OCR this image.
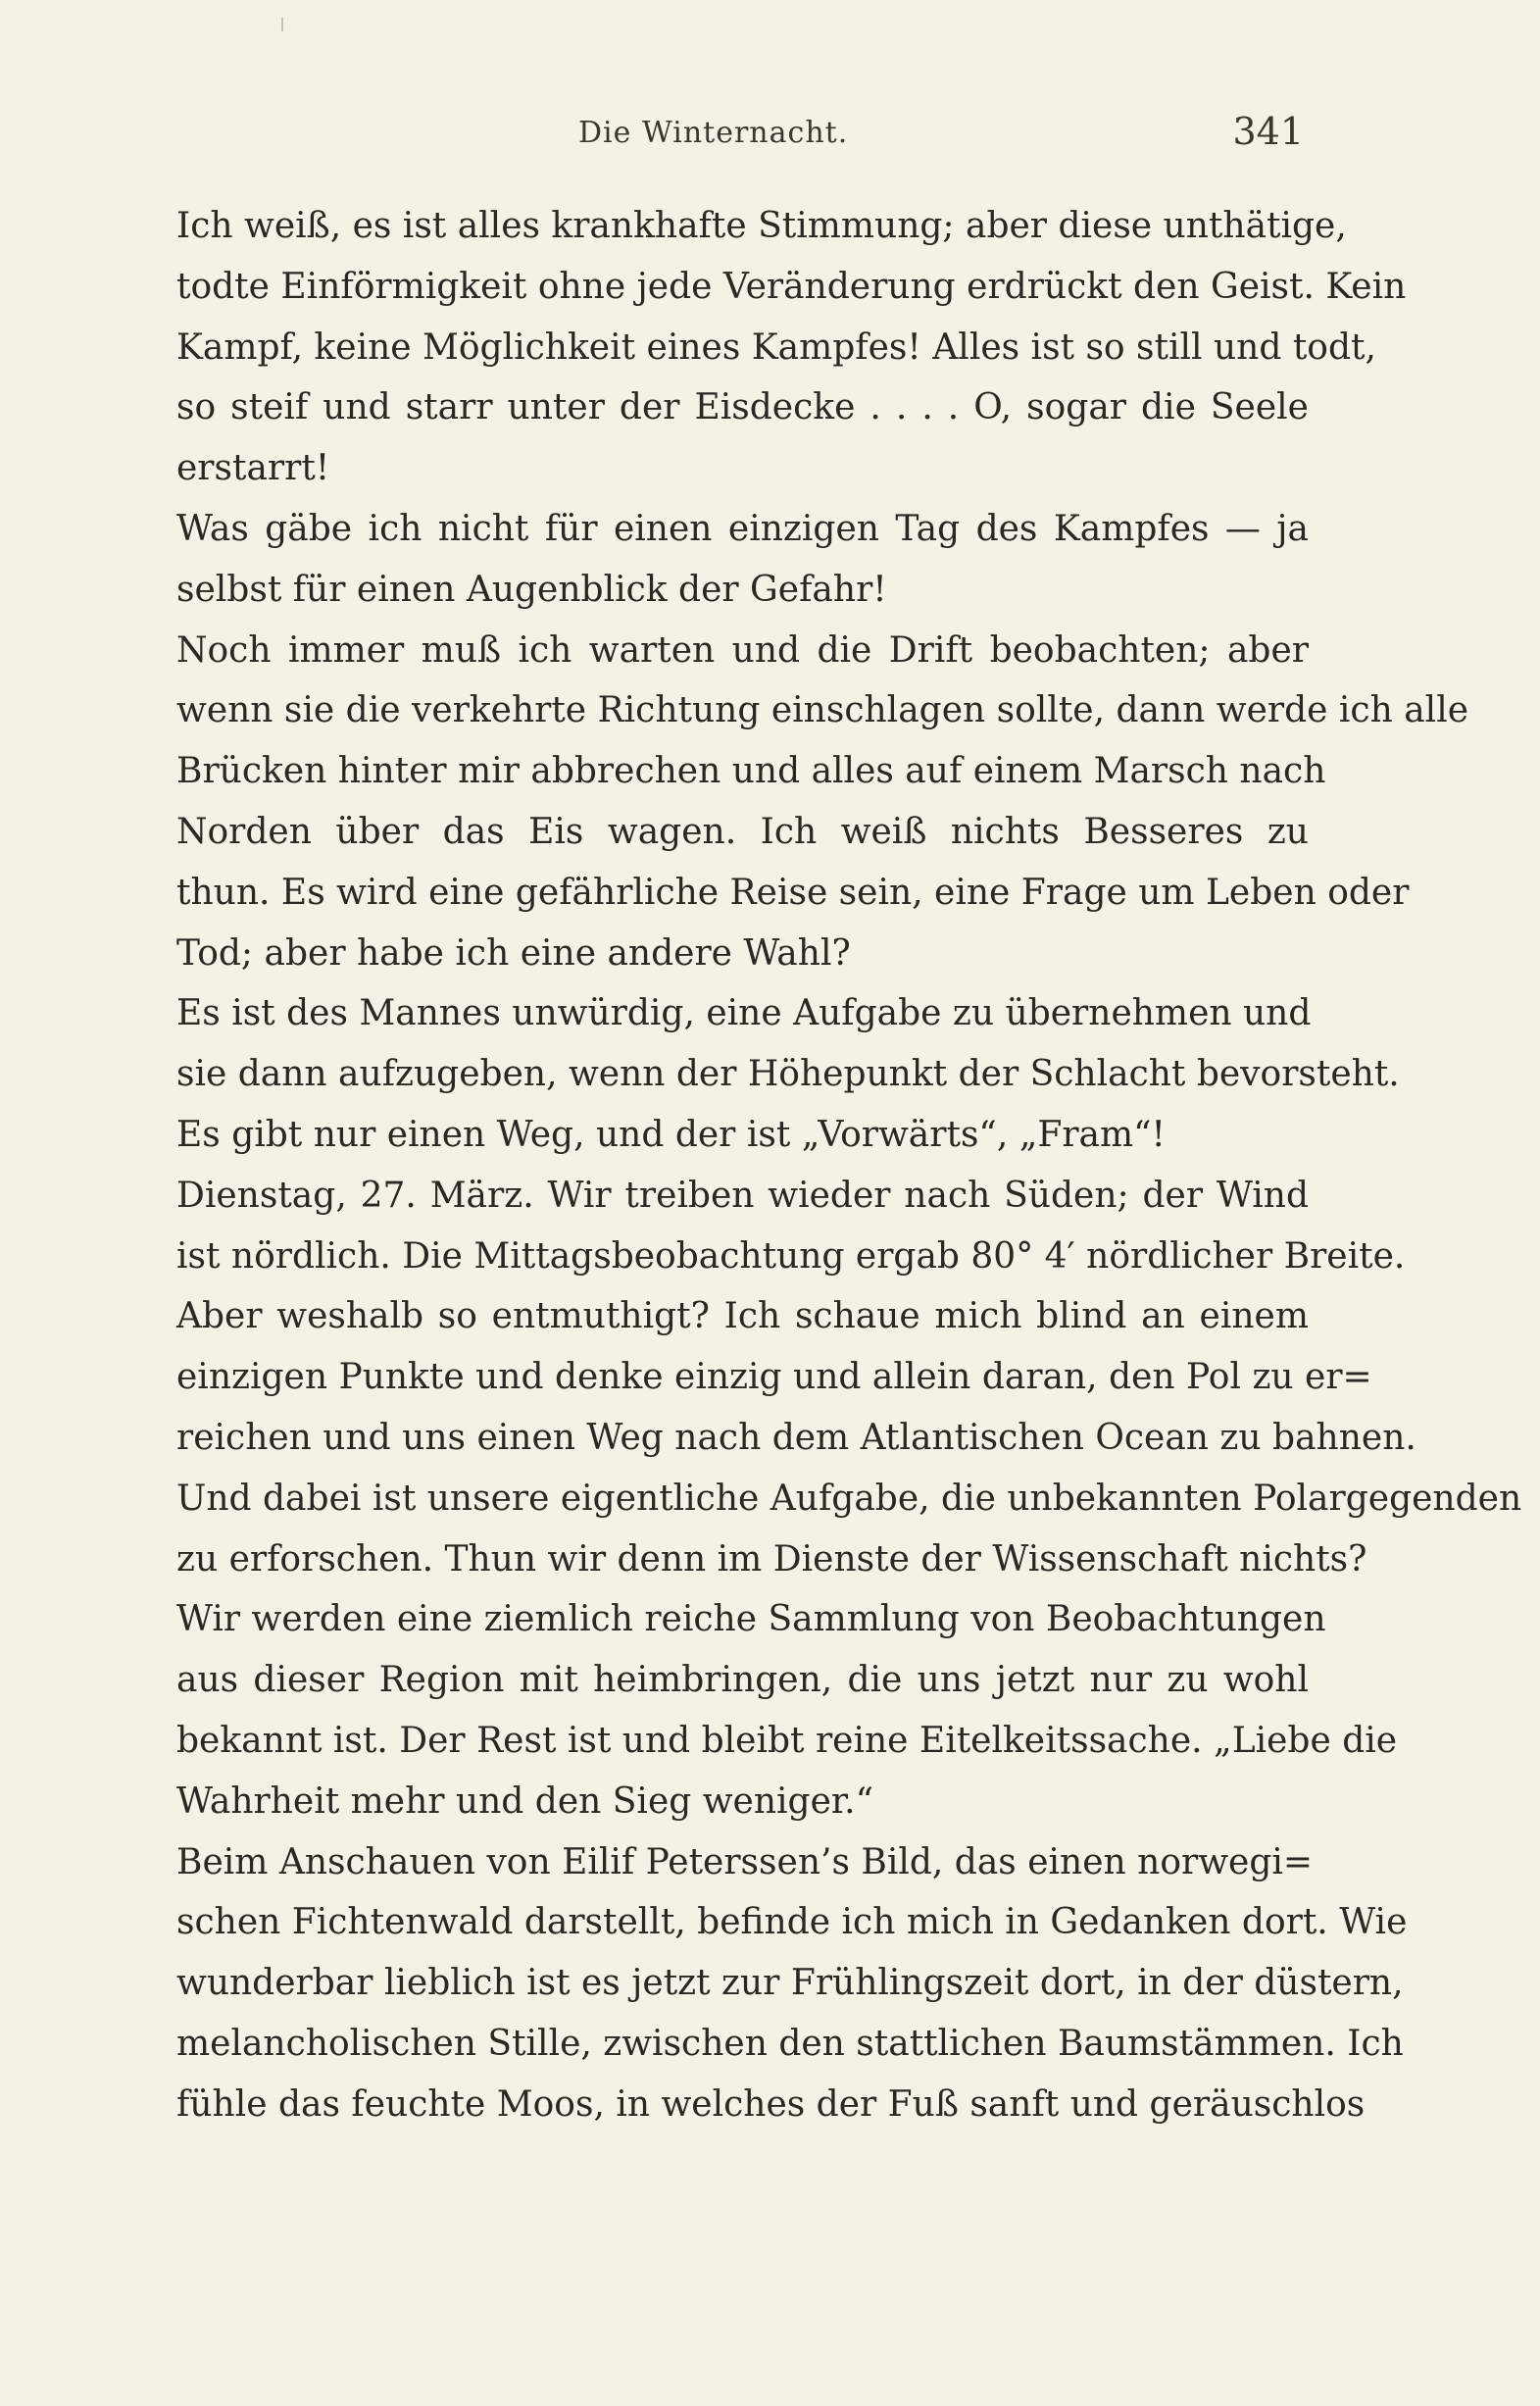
Die Winternacht.	341
Ich weiß, es ist alles krankhafte Stimmung; aber diese unthätige,
todte Einförmigkeit ohne jede Veränderung erdrückt den Geist. Kein
Kampf, keine Möglichkeit eines Kampfes! Alles ist so still und todt,
so steif und starr unter der Eisdecke . . . . O, sogar die Seele
erstarrt!
Was gäbe ich nicht für einen einzigen Tag des Kampfes — ja
selbst für einen Augenblick der Gefahr!
Noch immer muß ich warten und die Drift beobachten; aber
wenn sie die verkehrte Richtung einschlagen sollte, dann werde ich alle
Brücken hinter mir abbrechen und alles auf einem Marsch nach
Norden über das Eis wagen. Ich weiß nichts Besseres zu
thun. Es wird eine gefährliche Reise sein, eine Frage um Leben oder
Tod; aber habe ich eine andere Wahl?
Es ist des Mannes unwürdig, eine Aufgabe zu übernehmen und
sie dann aufzugeben, wenn der Höhepunkt der Schlacht bevorsteht.
Es gibt nur einen Weg, und der ist „Vorwärts“, „Fram“!
Dienstag, 27. März. Wir treiben wieder nach Süden; der Wind
ist nördlich. Die Mittagsbeobachtung ergab 80° 4′ nördlicher Breite.
Aber weshalb so entmuthigt? Ich schaue mich blind an einem
einzigen Punkte und denke einzig und allein daran, den Pol zu er=
reichen und uns einen Weg nach dem Atlantischen Ocean zu bahnen.
Und dabei ist unsere eigentliche Aufgabe, die unbekannten Polargegenden
zu erforschen. Thun wir denn im Dienste der Wissenschaft nichts?
Wir werden eine ziemlich reiche Sammlung von Beobachtungen
aus dieser Region mit heimbringen, die uns jetzt nur zu wohl
bekannt ist. Der Rest ist und bleibt reine Eitelkeitssache. „Liebe die
Wahrheit mehr und den Sieg weniger.“
Beim Anschauen von Eilif Peterssen’s Bild, das einen norwegi=
schen Fichtenwald darstellt, befinde ich mich in Gedanken dort. Wie
wunderbar lieblich ist es jetzt zur Frühlingszeit dort, in der düstern,
melancholischen Stille, zwischen den stattlichen Baumstämmen. Ich
fühle das feuchte Moos, in welches der Fuß sanft und geräuschlos
